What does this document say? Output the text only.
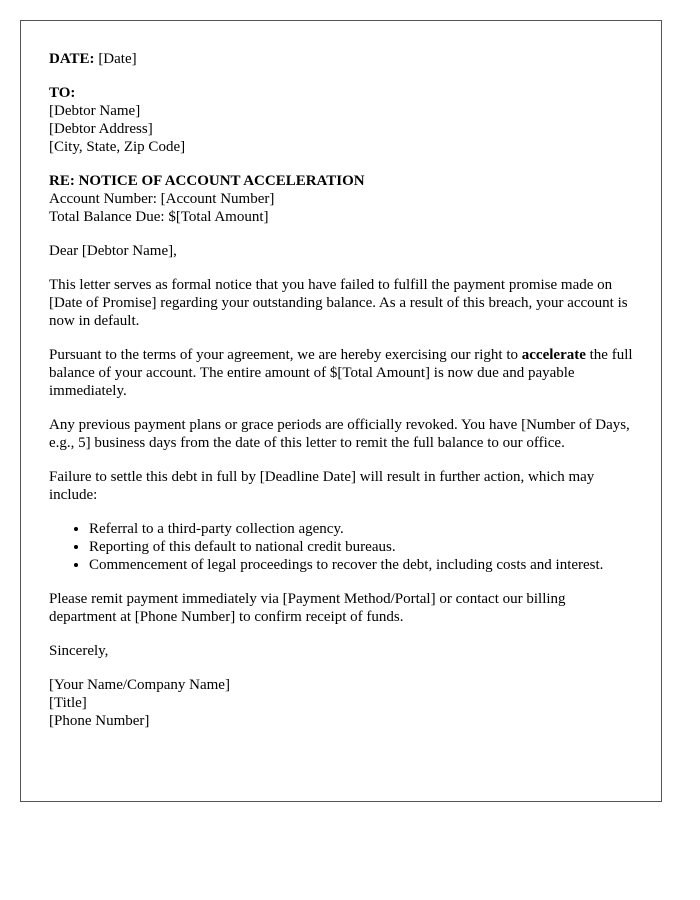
DATE: [Date]
TO:
[Debtor Name]
[Debtor Address]
[City, State, Zip Code]
RE: NOTICE OF ACCOUNT ACCELERATION
Account Number: [Account Number]
Total Balance Due: $[Total Amount]
Dear [Debtor Name],

This letter serves as formal notice that you have failed to fulfill the payment promise made on [Date of Promise] regarding your outstanding balance. As a result of this breach, your account is now in default.

Pursuant to the terms of your agreement, we are hereby exercising our right to accelerate the full balance of your account. The entire amount of $[Total Amount] is now due and payable immediately.

Any previous payment plans or grace periods are officially revoked. You have [Number of Days, e.g., 5] business days from the date of this letter to remit the full balance to our office.

Failure to settle this debt in full by [Deadline Date] will result in further action, which may include:

• Referral to a third-party collection agency.
• Reporting of this default to national credit bureaus.
• Commencement of legal proceedings to recover the debt, including costs and interest.

Please remit payment immediately via [Payment Method/Portal] or contact our billing department at [Phone Number] to confirm receipt of funds.

Sincerely,
[Your Name/Company Name]
[Title]
[Phone Number]
